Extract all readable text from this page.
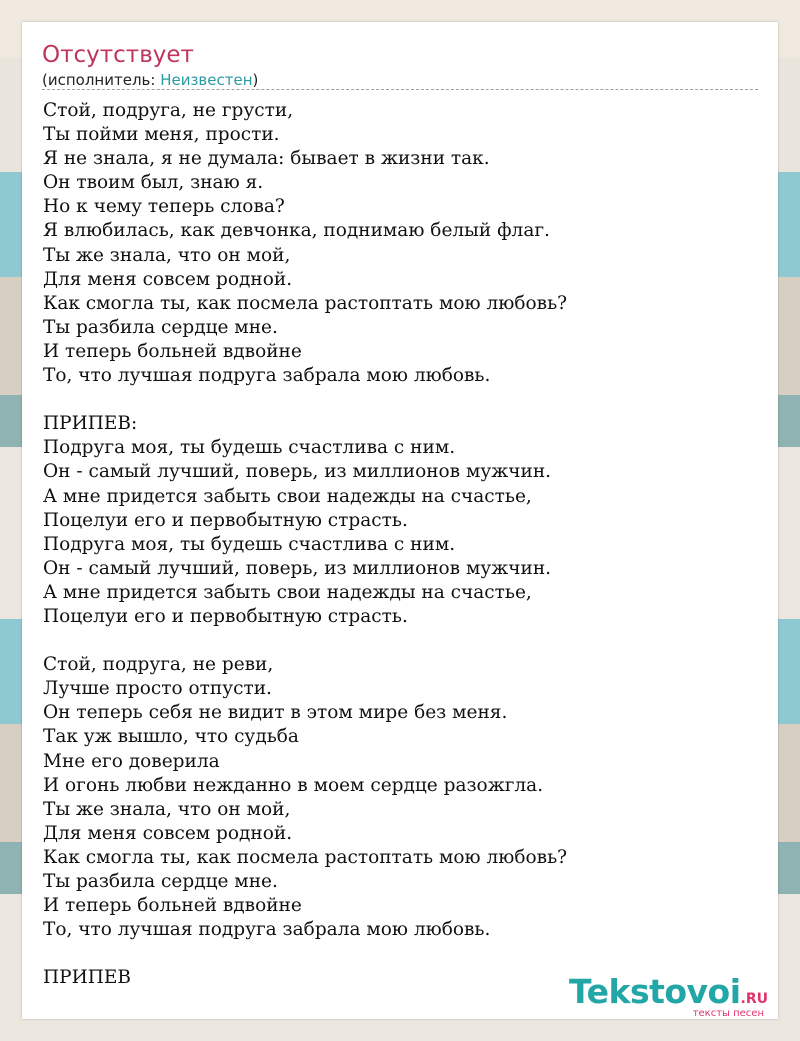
Отсутствует
(исполнитель: Неизвестен)
Стой, подруга, не грусти,
Ты пойми меня, прости.
Я не знала, я не думала: бывает в жизни так.
Он твоим был, знаю я.
Но к чему теперь слова?
Я влюбилась, как девчонка, поднимаю белый флаг.
Ты же знала, что он мой,
Для меня совсем родной.
Как смогла ты, как посмела растоптать мою любовь?
Ты разбила сердце мне.
И теперь больней вдвойне
То, что лучшая подруга забрала мою любовь.
ПРИПЕВ:
Подруга моя, ты будешь счастлива с ним.
Он - самый лучший, поверь, из миллионов мужчин.
А мне придется забыть свои надежды на счастье,
Поцелуи его и первобытную страсть.
Подруга моя, ты будешь счастлива с ним.
Он - самый лучший, поверь, из миллионов мужчин.
А мне придется забыть свои надежды на счастье,
Поцелуи его и первобытную страсть.
Стой, подруга, не реви,
Лучше просто отпусти.
Он теперь себя не видит в этом мире без меня.
Так уж вышло, что судьба
Мне его доверила
И огонь любви нежданно в моем сердце разожгла.
Ты же знала, что он мой,
Для меня совсем родной.
Как смогла ты, как посмела растоптать мою любовь?
Ты разбила сердце мне.
И теперь больней вдвойне
То, что лучшая подруга забрала мою любовь.
ПРИПЕВ	Tekstovoi.RU
тексты песен
